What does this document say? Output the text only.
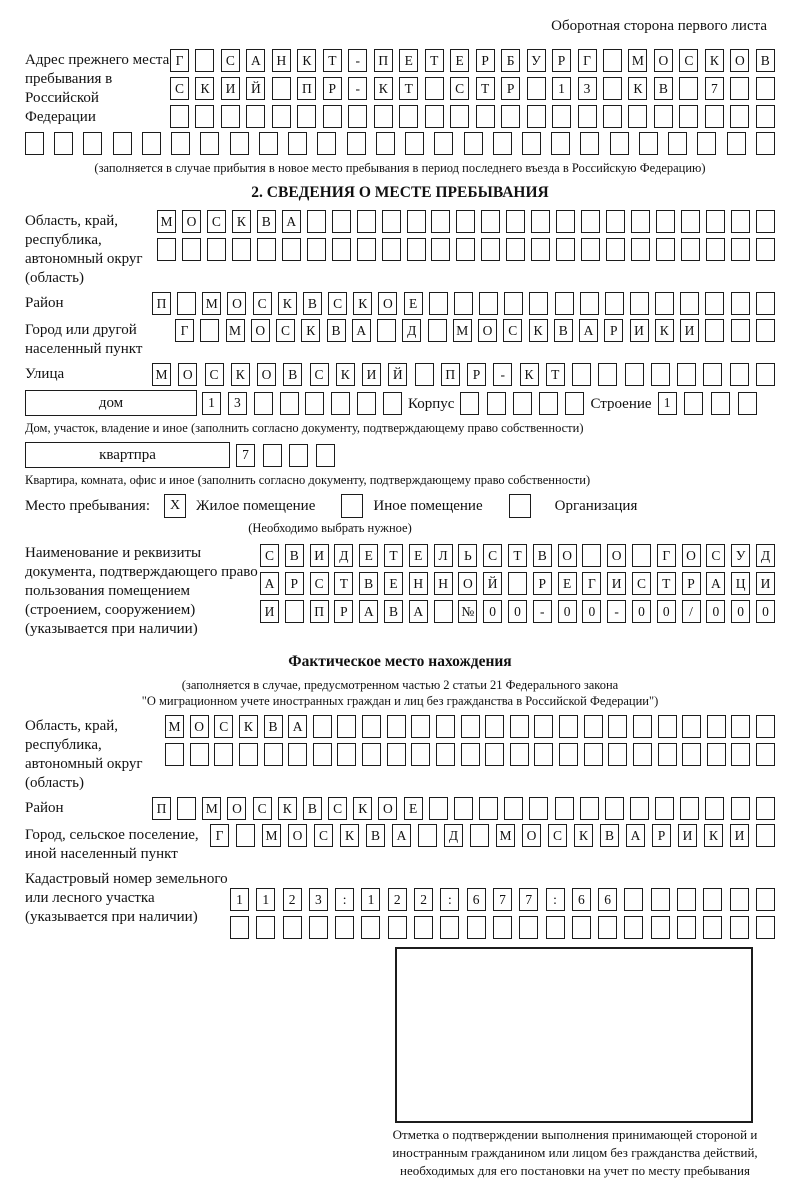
Оборотная сторона первого листа
Адрес прежнего места пребывания в Российской Федерации
Г	С	А	Н	К	Т	-	П	Е	Т	Е	Р	Б	У	Р	Г	М	О	С	К	О	В
С	К	И	Й	П	Р	-	К	Т	С	Т	Р	1	3	К	В	7
(заполняется в случае прибытия в новое место пребывания в период последнего въезда в Российскую Федерацию)
2. СВЕДЕНИЯ О МЕСТЕ ПРЕБЫВАНИЯ
Область, край, республика, автономный округ (область)
М	О	С	К	В	А
Район	П	М	О	С	К	В	С	К	О	Е
Город или другой населенный пункт
Г	М	О	С	К	В	А	Д	М	О	С	К	В	А	Р	И	К	И
Улица	М	О	С	К	О	В	С	К	И	Й	П	Р	-	К	Т
дом	1	3	Корпус	Строение 1
Дом, участок, владение и иное (заполнить согласно документу, подтверждающему право собственности)
квартпра	7
Квартира, комната, офис и иное (заполнить согласно документу, подтверждающему право собственности)
Место пребывания:	X	Жилое помещение	Иное помещение	Организация
(Необходимо выбрать нужное)
Наименование и реквизиты документа, подтверждающего право пользования помещением (строением, сооружением) (указывается при наличии)
С	В	И	Д	Е	Т	Е	Л	Ь	С	Т	В	О	О	Г	О	С	У	Д
А	Р	С	Т	В	Е	Н	Н	О	Й	Р	Е	Г	И	С	Т	Р	А	Ц	И
И	П	Р	А	В	А	№	0	0	-	0	0	-	0	0	/	0	0	0
Фактическое место нахождения
(заполняется в случае, предусмотренном частью 2 статьи 21 Федерального закона
"О миграционном учете иностранных граждан и лиц без гражданства в Российской Федерации")
Область, край, республика, автономный округ (область)
М	О	С	К	В	А
Район	П	М	О	С	К	В	С	К	О	Е
Город, сельское поселение, иной населенный пункт
Г	М	О	С	К	В	А	Д	М	О	С	К	В	А	Р	И	К	И
Кадастровый номер земельного или лесного участка (указывается при наличии)
1	1	2	3	:	1	2	2	:	6	7	7	:	6	6
Отметка о подтверждении выполнения принимающей стороной и иностранным гражданином или лицом без гражданства действий, необходимых для его постановки на учет по месту пребывания
